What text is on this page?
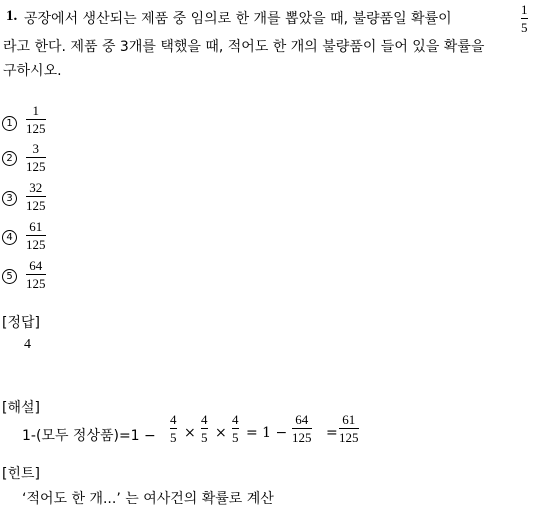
1. 공장에서 생산되는 제품 중 임의로 한 개를 뽑았을 때, 불량품일 확률이
1
5
라고 한다. 제품 중 3개를 택했을 때, 적어도 한 개의 불량품이 들어 있을 확률을
구하시오.
1
1
125
2
3
125
3
32
125
4
61
125
5
64
125
[정답]
4
[해설]
1-(모두 정상품)=1 −
4
5 ×
4
5 ×
4
5 = 1 −
64
125 =
61
125
[힌트]
‘적어도 한 개...’ 는 여사건의 확률로 계산
